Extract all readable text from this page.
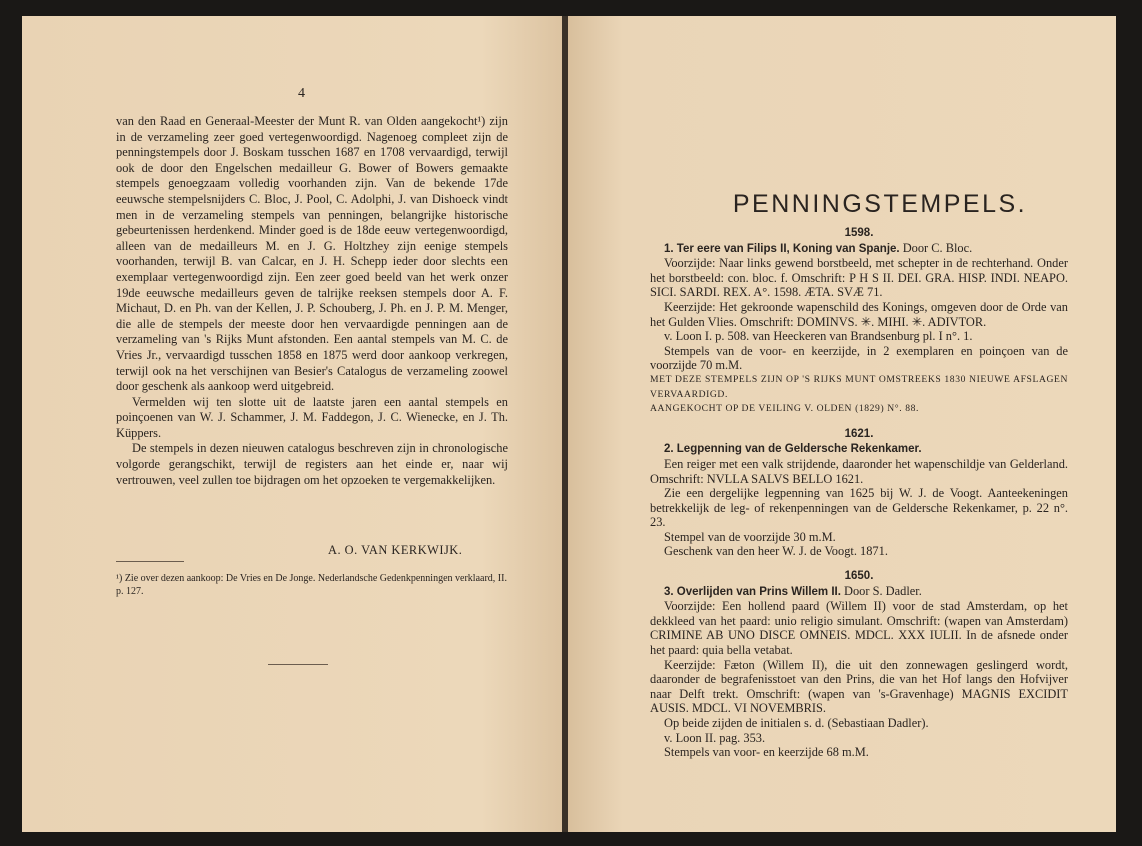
4

van den Raad en Generaal-Meester der Munt R. van Olden aangekocht¹) zijn in de verzameling zeer goed vertegenwoordigd. Nagenoeg compleet zijn de penningstempels door J. Boskam tusschen 1687 en 1708 vervaardigd, terwijl ook de door den Engelschen medailleur G. Bower of Bowers gemaakte stempels genoegzaam volledig voorhanden zijn. Van de bekende 17de eeuwsche stempelsnijders C. Bloc, J. Pool, C. Adolphi, J. van Dishoeck vindt men in de verzameling stempels van penningen, belangrijke historische gebeurtenissen herdenkend. Minder goed is de 18de eeuw vertegenwoordigd, alleen van de medailleurs M. en J. G. Holtzhey zijn eenige stempels voorhanden, terwijl B. van Calcar, en J. H. Schepp ieder door slechts een exemplaar vertegenwoordigd zijn. Een zeer goed beeld van het werk onzer 19de eeuwsche medailleurs geven de talrijke reeksen stempels door A. F. Michaut, D. en Ph. van der Kellen, J. P. Schouberg, J. Ph. en J. P. M. Menger, die alle de stempels der meeste door hen vervaardigde penningen aan de verzameling van 's Rijks Munt afstonden. Een aantal stempels van M. C. de Vries Jr., vervaardigd tusschen 1858 en 1875 werd door aankoop verkregen, terwijl ook na het verschijnen van Besier's Catalogus de verzameling zoowel door geschenk als aankoop werd uitgebreid.

Vermelden wij ten slotte uit de laatste jaren een aantal stempels en poinçoenen van W. J. Schammer, J. M. Faddegon, J. C. Wienecke, en J. Th. Küppers.

De stempels in dezen nieuwen catalogus beschreven zijn in chronologische volgorde gerangschikt, terwijl de registers aan het einde er, naar wij vertrouwen, veel zullen toe bijdragen om het opzoeken te vergemakkelijken.

A. O. VAN KERKWIJK.
¹) Zie over dezen aankoop: De Vries en De Jonge. Nederlandsche Gedenkpenningen verklaard, II. p. 127.
PENNINGSTEMPELS.

1598.

1. Ter eere van Filips II, Koning van Spanje. Door C. Bloc.

Voorzijde: Naar links gewend borstbeeld, met schepter in de rechterhand. Onder het borstbeeld: con. bloc. f. Omschrift: P H S II. DEI. GRA. HISP. INDI. NEAPO. SICI. SARDI. REX. A°. 1598. ÆTA. SVÆ 71.

Keerzijde: Het gekroonde wapenschild des Konings, omgeven door de Orde van het Gulden Vlies. Omschrift: DOMINVS. ✳. MIHI. ✳. ADIVTOR.

v. Loon I. p. 508. van Heeckeren van Brandsenburg pl. I n°. 1.

Stempels van de voor- en keerzijde, in 2 exemplaren en poinçoen van de voorzijde 70 m.M.

MET DEZE STEMPELS ZIJN OP 'S RIJKS MUNT OMSTREEKS 1830 NIEUWE AFSLAGEN VERVAARDIGD.

AANGEKOCHT OP DE VEILING V. OLDEN (1829) N°. 88.

1621.

2. Legpenning van de Geldersche Rekenkamer.

Een reiger met een valk strijdende, daaronder het wapenschildje van Gelderland. Omschrift: NVLLA SALVS BELLO 1621.

Zie een dergelijke legpenning van 1625 bij W. J. de Voogt. Aanteekeningen betrekkelijk de leg- of rekenpenningen van de Geldersche Rekenkamer, p. 22 n°. 23.

Stempel van de voorzijde 30 m.M.

Geschenk van den heer W. J. de Voogt. 1871.

1650.

3. Overlijden van Prins Willem II. Door S. Dadler.

Voorzijde: Een hollend paard (Willem II) voor de stad Amsterdam, op het dekkleed van het paard: unio religio simulant. Omschrift: (wapen van Amsterdam) CRIMINE AB UNO DISCE OMNEIS. MDCL. XXX IULII. In de afsnede onder het paard: quia bella vetabat.

Keerzijde: Fæton (Willem II), die uit den zonnewagen geslingerd wordt, daaronder de begrafenisstoet van den Prins, die van het Hof langs den Hofvijver naar Delft trekt. Omschrift: (wapen van 's-Gravenhage) MAGNIS EXCIDIT AUSIS. MDCL. VI NOVEMBRIS.

Op beide zijden de initialen s. d. (Sebastiaan Dadler).

v. Loon II. pag. 353.

Stempels van voor- en keerzijde 68 m.M.
